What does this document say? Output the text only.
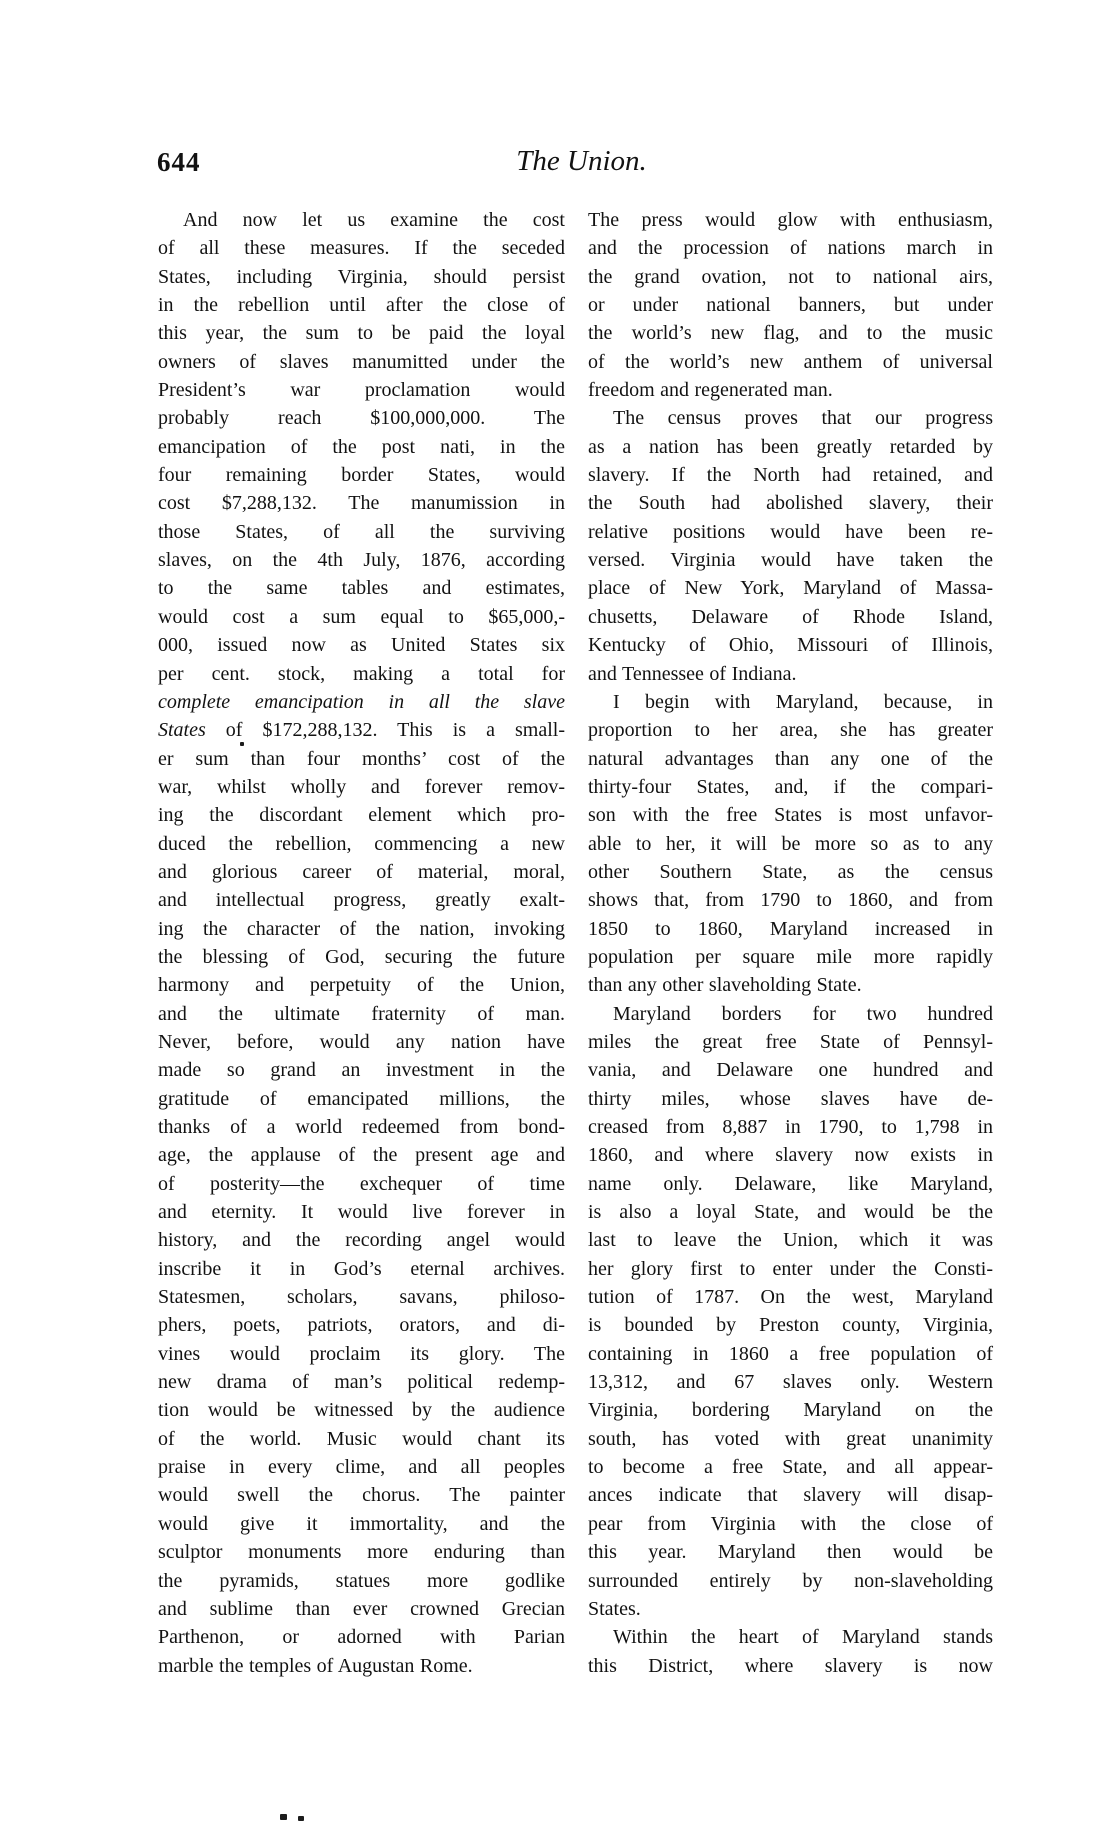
644	The Union.
And now let us examine the cost
of all these measures. If the seceded
States, including Virginia, should persist
in the rebellion until after the close of
this year, the sum to be paid the loyal
owners of slaves manumitted under the
President’s war proclamation would
probably reach $100,000,000. The
emancipation of the post nati, in the
four remaining border States, would
cost $7,288,132. The manumission in
those States, of all the surviving
slaves, on the 4th July, 1876, according
to the same tables and estimates,
would cost a sum equal to $65,000,-
000, issued now as United States six
per cent. stock, making a total for
complete emancipation in all the slave
States of $172,288,132. This is a small-
er sum than four months’ cost of the
war, whilst wholly and forever remov-
ing the discordant element which pro-
duced the rebellion, commencing a new
and glorious career of material, moral,
and intellectual progress, greatly exalt-
ing the character of the nation, invoking
the blessing of God, securing the future
harmony and perpetuity of the Union,
and the ultimate fraternity of man.
Never, before, would any nation have
made so grand an investment in the
gratitude of emancipated millions, the
thanks of a world redeemed from bond-
age, the applause of the present age and
of posterity—the exchequer of time
and eternity. It would live forever in
history, and the recording angel would
inscribe it in God’s eternal archives.
Statesmen, scholars, savans, philoso-
phers, poets, patriots, orators, and di-
vines would proclaim its glory. The
new drama of man’s political redemp-
tion would be witnessed by the audience
of the world. Music would chant its
praise in every clime, and all peoples
would swell the chorus. The painter
would give it immortality, and the
sculptor monuments more enduring than
the pyramids, statues more godlike
and sublime than ever crowned Grecian
Parthenon, or adorned with Parian
marble the temples of Augustan Rome.
The press would glow with enthusiasm,
and the procession of nations march in
the grand ovation, not to national airs,
or under national banners, but under
the world’s new flag, and to the music
of the world’s new anthem of universal
freedom and regenerated man.
The census proves that our progress
as a nation has been greatly retarded by
slavery. If the North had retained, and
the South had abolished slavery, their
relative positions would have been re-
versed. Virginia would have taken the
place of New York, Maryland of Massa-
chusetts, Delaware of Rhode Island,
Kentucky of Ohio, Missouri of Illinois,
and Tennessee of Indiana.
I begin with Maryland, because, in
proportion to her area, she has greater
natural advantages than any one of the
thirty-four States, and, if the compari-
son with the free States is most unfavor-
able to her, it will be more so as to any
other Southern State, as the census
shows that, from 1790 to 1860, and from
1850 to 1860, Maryland increased in
population per square mile more rapidly
than any other slaveholding State.
Maryland borders for two hundred
miles the great free State of Pennsyl-
vania, and Delaware one hundred and
thirty miles, whose slaves have de-
creased from 8,887 in 1790, to 1,798 in
1860, and where slavery now exists in
name only. Delaware, like Maryland,
is also a loyal State, and would be the
last to leave the Union, which it was
her glory first to enter under the Consti-
tution of 1787. On the west, Maryland
is bounded by Preston county, Virginia,
containing in 1860 a free population of
13,312, and 67 slaves only. Western
Virginia, bordering Maryland on the
south, has voted with great unanimity
to become a free State, and all appear-
ances indicate that slavery will disap-
pear from Virginia with the close of
this year. Maryland then would be
surrounded entirely by non-slaveholding
States.
Within the heart of Maryland stands
this District, where slavery is now
